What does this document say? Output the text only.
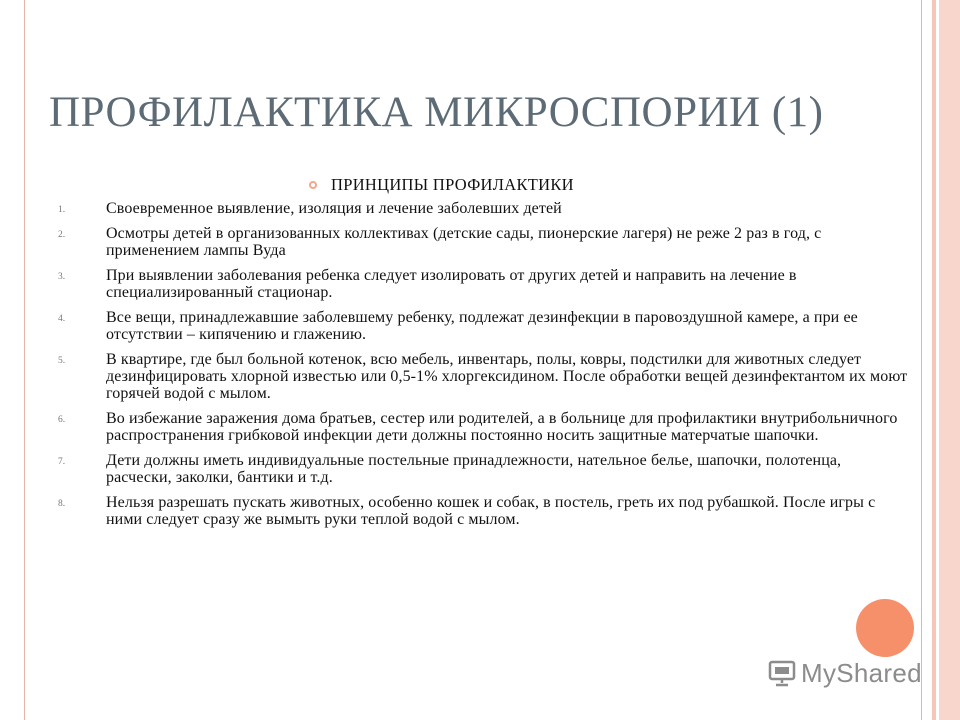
ПРОФИЛАКТИКА МИКРОСПОРИИ (1)
ПРИНЦИПЫ ПРОФИЛАКТИКИ
1.	Своевременное выявление, изоляция и лечение заболевших детей
2.	Осмотры детей в организованных коллективах (детские сады, пионерские лагеря) не реже 2 раз в год, с применением лампы Вуда
3.	При выявлении заболевания ребенка следует изолировать от других детей и направить на лечение в специализированный стационар.
4.	Все вещи, принадлежавшие заболевшему ребенку, подлежат дезинфекции в паровоздушной камере, а при ее отсутствии – кипячению и глажению.
5.	В квартире, где был больной котенок, всю мебель, инвентарь, полы, ковры, подстилки для животных следует дезинфицировать хлорной известью или 0,5-1% хлоргексидином. После обработки вещей дезинфектантом их моют горячей водой с мылом.
6.	Во избежание заражения дома братьев, сестер или родителей, а в больнице для профилактики внутрибольничного распространения грибковой инфекции дети должны постоянно носить защитные матерчатые шапочки.
7.	Дети должны иметь индивидуальные постельные принадлежности, нательное белье, шапочки, полотенца, расчески, заколки, бантики и т.д.
8.	Нельзя разрешать пускать животных, особенно кошек и собак, в постель, греть их под рубашкой. После игры с ними следует сразу же вымыть руки теплой водой с мылом.
MyShared
